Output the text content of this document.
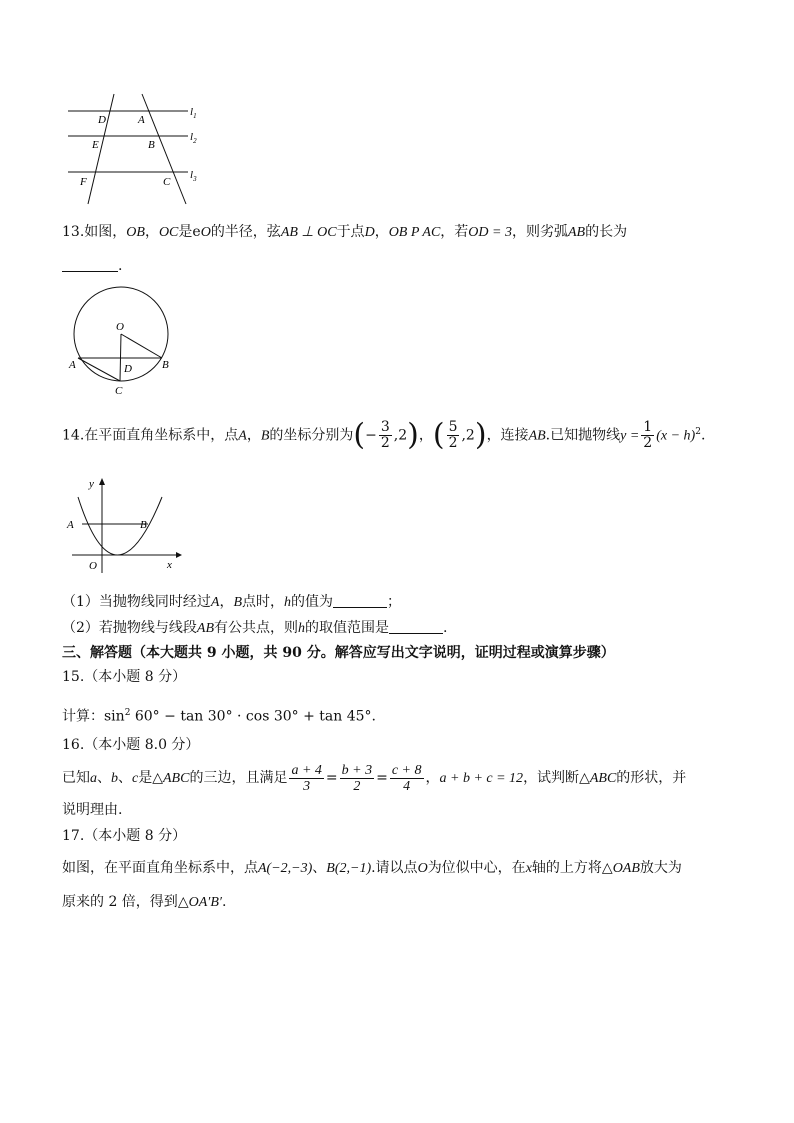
D	A
E	B
F	C
$l_1$
$l_2$
$l_3$
13.如图，OB，OC是eO的半径，弦AB ⊥ OC于点D，OB P AC，若OD = 3，则劣弧AB的长为
.
O
A	B
D
C
14.在平面直角坐标系中，点A，B的坐标分别为(− $\frac{3}{2} ,2$)，( $\frac{5}{2} ,2$)，连接AB.已知抛物线$y = \frac{1}{2} (x - h)^2$.
y
x
O
A	B
（1）当抛物线同时经过A，B点时，h的值为	；
（2）若抛物线与线段AB有公共点，则h的取值范围是	.
三、解答题（本大题共 9 小题，共 90 分。解答应写出文字说明，证明过程或演算步骤）
15.（本小题 8 分）
计算：$\sin^2 60^\circ - \tan 30^\circ \cdot \cos 30^\circ + \tan 45^\circ$.
16.（本小题 8.0 分）
已知a、b、c是△ABC的三边，且满足 $\frac{a + 4}{3} = \frac{b + 3}{2} = \frac{c + 8}{4}$ ，a + b + c = 12，试判断△ABC的形状，并
说明理由.
17.（本小题 8 分）
如图，在平面直角坐标系中，点A(−2,−3)、B(2,−1).请以点O为位似中心，在x轴的上方将△OAB放大为
原来的 2 倍，得到△OA′B′.
